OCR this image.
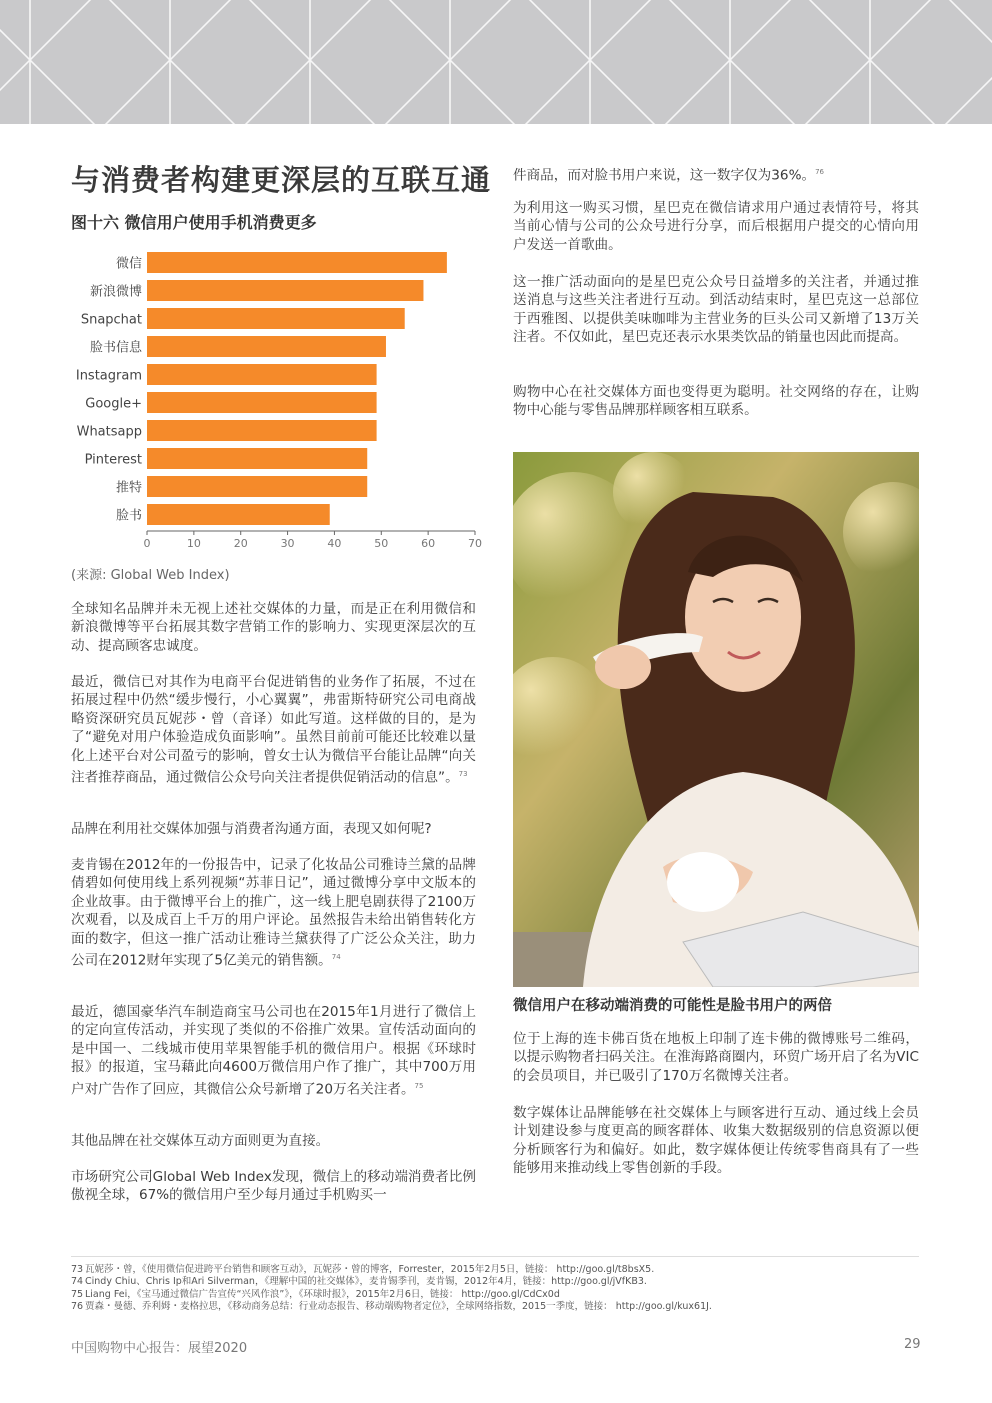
与消费者构建更深层的互联互通
图十六 微信用户使用手机消费更多
微信
新浪微博
Snapchat
脸书信息
Instagram
Google+
Whatsapp
Pinterest
推特
脸书
0	10	20	30	40	50	60	70
(来源: Global Web Index)
全球知名品牌并未无视上述社交媒体的力量，而是正在利用微信和新浪微博等平台拓展其数字营销工作的影响力、实现更深层次的互动、提高顾客忠诚度。
最近，微信已对其作为电商平台促进销售的业务作了拓展，不过在拓展过程中仍然“缓步慢行，小心翼翼”，弗雷斯特研究公司电商战略资深研究员瓦妮莎・曾（音译）如此写道。这样做的目的，是为了“避免对用户体验造成负面影响”。虽然目前前可能还比较难以量化上述平台对公司盈亏的影响，曾女士认为微信平台能让品牌“向关注者推荐商品，通过微信公众号向关注者提供促销活动的信息”。$^{73}$
品牌在利用社交媒体加强与消费者沟通方面，表现又如何呢?
麦肯锡在2012年的一份报告中，记录了化妆品公司雅诗兰黛的品牌倩碧如何使用线上系列视频“苏菲日记”，通过微博分享中文版本的企业故事。由于微博平台上的推广，这一线上肥皂剧获得了2100万次观看，以及成百上千万的用户评论。虽然报告未给出销售转化方面的数字，但这一推广活动让雅诗兰黛获得了广泛公众关注，助力公司在2012财年实现了5亿美元的销售额。$^{74}$
最近，德国豪华汽车制造商宝马公司也在2015年1月进行了微信上的定向宣传活动，并实现了类似的不俗推广效果。宣传活动面向的是中国一、二线城市使用苹果智能手机的微信用户。根据《环球时报》的报道，宝马藉此向4600万微信用户作了推广，其中700万用户对广告作了回应，其微信公众号新增了20万名关注者。$^{75}$
其他品牌在社交媒体互动方面则更为直接。
市场研究公司Global Web Index发现，微信上的移动端消费者比例傲视全球，67%的微信用户至少每月通过手机购买一
件商品，而对脸书用户来说，这一数字仅为36%。$^{76}$
为利用这一购买习惯，星巴克在微信请求用户通过表情符号，将其当前心情与公司的公众号进行分享，而后根据用户提交的心情向用户发送一首歌曲。
这一推广活动面向的是星巴克公众号日益增多的关注者，并通过推送消息与这些关注者进行互动。到活动结束时，星巴克这一总部位于西雅图、以提供美味咖啡为主营业务的巨头公司又新增了13万关注者。不仅如此，星巴克还表示水果类饮品的销量也因此而提高。
购物中心在社交媒体方面也变得更为聪明。社交网络的存在，让购物中心能与零售品牌那样顾客相互联系。
微信用户在移动端消费的可能性是脸书用户的两倍
位于上海的连卡佛百货在地板上印制了连卡佛的微博账号二维码，以提示购物者扫码关注。在淮海路商圈内，环贸广场开启了名为VIC的会员项目，并已吸引了170万名微博关注者。
数字媒体让品牌能够在社交媒体上与顾客进行互动、通过线上会员计划建设参与度更高的顾客群体、收集大数据级别的信息资源以便分析顾客行为和偏好。如此，数字媒体便让传统零售商具有了一些能够用来推动线上零售创新的手段。
73 瓦妮莎・曾，《使用微信促进跨平台销售和顾客互动》，瓦妮莎・曾的博客，Forrester，2015年2月5日，链接： http://goo.gl/t8bsX5.
74 Cindy Chiu、Chris Ip和Ari Silverman，《理解中国的社交媒体》，麦肯锡季刊，麦肯锡，2012年4月，链接：http://goo.gl/jVfKB3.
75 Liang Fei，《宝马通过微信广告宣传“兴风作浪”》，《环球时报》，2015年2月6日，链接： http://goo.gl/CdCx0d
76 贾森・曼德、乔利姆・麦格拉思，《移动商务总结：行业动态报告、移动端购物者定位》，全球网络指数，2015一季度，链接： http://goo.gl/kux61J.
中国购物中心报告：展望2020	29
